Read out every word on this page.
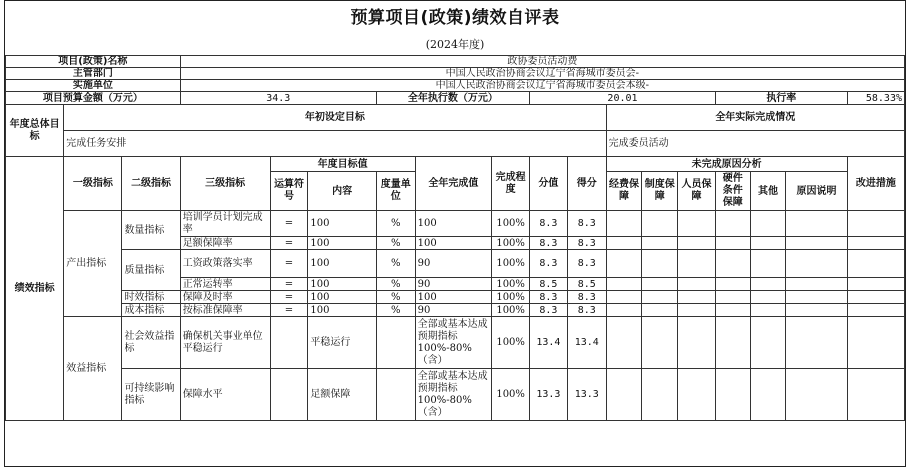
预算项目(政策)绩效自评表
(2024年度)
项目(政策)名称			政协委员活动费														
主管部门			中国人民政治协商会议辽宁省海城市委员会-														
实施单位			中国人民政治协商会议辽宁省海城市委员会本级-														
项目预算金额（万元）			34.3			全年执行数（万元）			20.01					执行率			58.33%
年度总体目标	年初设定目标										全年实际完成情况						
	完成任务安排										完成委员活动						
绩效指标	一级指标	二级指标	三级指标	年度目标值			全年完成值	完成程度	分值	得分	未完成原因分析						改进措施
				运算符号	内容	度量单位					经费保障	制度保障	人员保障	硬件条件保障	其他	原因说明	
	产出指标	数量指标	培训学员计划完成率	=	100	%	100	100%	8.3	8.3							
			足额保障率	=	100	%	100	100%	8.3	8.3							
		质量指标	工资政策落实率	=	100	%	90	100%	8.3	8.3							
			正常运转率	=	100	%	90	100%	8.5	8.5							
		时效指标	保障及时率	=	100	%	100	100%	8.3	8.3							
		成本指标	按标准保障率	=	100	%	90	100%	8.3	8.3							
	效益指标	社会效益指标	确保机关事业单位平稳运行		平稳运行		全部或基本达成预期指标100%-80%（含）	100%	13.4	13.4							
		可持续影响指标	保障水平		足额保障		全部或基本达成预期指标100%-80%（含）	100%	13.3	13.3							
